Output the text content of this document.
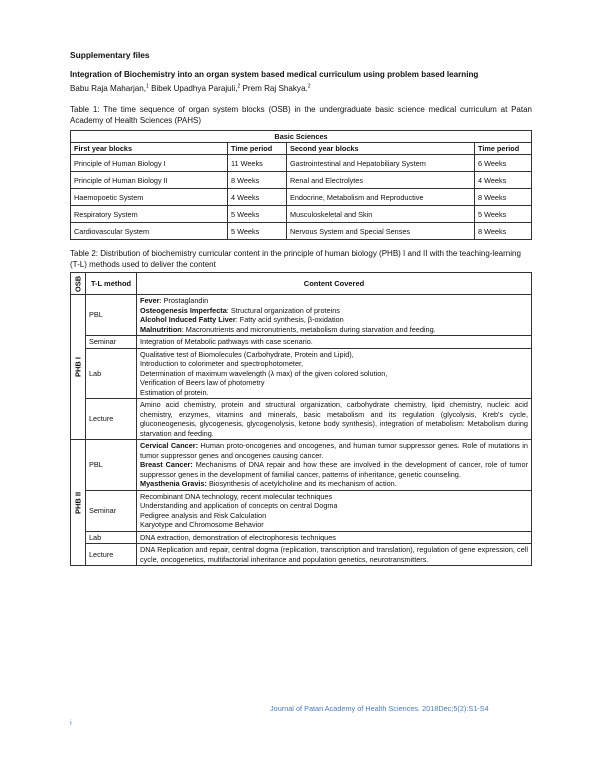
Supplementary files

Integration of Biochemistry into an organ system based medical curriculum using problem based learning

Babu Raja Maharjan,$^1$ Bibek Upadhya Parajuli,$^2$ Prem Raj Shakya.$^2$

Table 1: The time sequence of organ system blocks (OSB) in the undergraduate basic science medical curriculum at Patan Academy of Health Sciences (PAHS)

Basic Sciences			
First year blocks	Time period	Second year blocks	Time period
Principle of Human Biology I	11 Weeks	Gastrointestinal and Hepatobiliary System	6 Weeks
Principle of Human Biology II	8 Weeks	Renal and Electrolytes	4 Weeks
Haemopoetic System	4 Weeks	Endocrine, Metabolism and Reproductive	8 Weeks
Respiratory System	5 Weeks	Musculoskeletal and Skin	5 Weeks
Cardiovascular System	5 Weeks	Nervous System and Special Senses	8 Weeks

Table 2: Distribution of biochemistry curricular content in the principle of human biology (PHB) I and II with the teaching-learning (T-L) methods used to deliver the content

OSB	T-L method	Content Covered

PHB I	PBL	Fever: Prostaglandin
Osteogenesis Imperfecta: Structural organization of proteins
Alcohol Induced Fatty Liver: Fatty acid synthesis, β-oxidation
Malnutrition: Macronutrients and micronutrients, metabolism during starvation and feeding.

	Seminar	Integration of Metabolic pathways with case scenario.
	Lab	Qualitative test of Biomolecules (Carbohydrate, Protein and Lipid),
Introduction to colorimeter and spectrophotometer,
Determination of maximum wavelength (λ max) of the given colored solution,
Verification of Beers law of photometry
Estimation of protein.

	Lecture	Amino acid chemistry, protein and structural organization, carbohydrate chemistry, lipid chemistry, nucleic acid chemistry, enzymes, vitamins and minerals, basic metabolism and its regulation (glycolysis, Kreb's cycle, gluconeogenesis, glycogenesis, glycogenolysis, ketone body synthesis), integration of metabolism: Metabolism during starvation and feeding.

PHB II	PBL	Cervical Cancer: Human proto-oncogenes and oncogenes, and human tumor suppressor genes. Role of mutations in tumor suppressor genes and oncogenes causing cancer.
Breast Cancer: Mechanisms of DNA repair and how these are involved in the development of cancer, role of tumor suppressor genes in the development of familial cancer, patterns of inheritance, genetic counseling.
Myasthenia Gravis: Biosynthesis of acetylcholine and its mechanism of action.

	Seminar	Recombinant DNA technology, recent molecular techniques
Understanding and application of concepts on central Dogma
Pedigree analysis and Risk Calculation
Karyotype and Chromosome Behavior

	Lab	DNA extraction, demonstration of electrophoresis techniques
	Lecture	DNA Replication and repair, central dogma (replication, transcription and translation), regulation of gene expression, cell cycle, oncogenetics, multifactorial inheritance and population genetics, neurotransmitters.
Journal of Patan Academy of Health Sciences. 2018Dec;5(2):S1-S4
i
